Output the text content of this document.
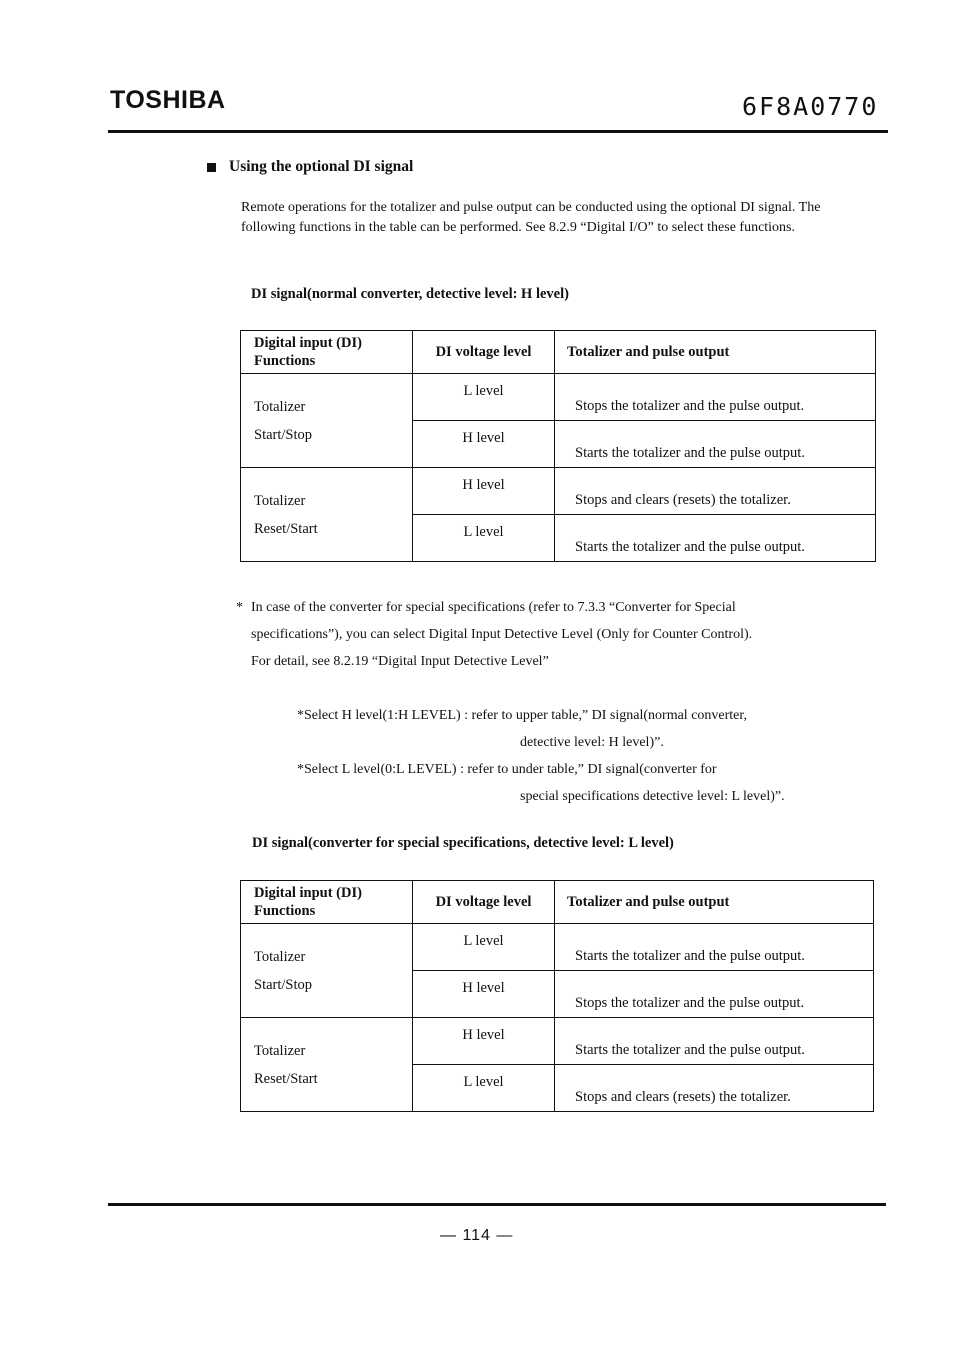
TOSHIBA	6F8A0770
Using the optional DI signal
Remote operations for the totalizer and pulse output can be conducted using the optional DI signal. The following functions in the table can be performed. See 8.2.9 “Digital I/O” to select these functions.
DI signal(normal converter, detective level: H level)
Digital input (DI)
Functions	DI voltage level	Totalizer and pulse output

Totalizer
Start/Stop	L level	Stops the totalizer and the pulse output.
	H level	Starts the totalizer and the pulse output.

Totalizer
Reset/Start	H level	Stops and clears (resets) the totalizer.
	L level	Starts the totalizer and the pulse output.

* In case of the converter for special specifications (refer to 7.3.3 “Converter for Special

specifications”), you can select Digital Input Detective Level (Only for Counter Control).

For detail, see 8.2.19 “Digital Input Detective Level”

*Select H level(1:H LEVEL) : refer to upper table,” DI signal(normal converter,
detective level: H level)”.
*Select L level(0:L LEVEL) : refer to under table,” DI signal(converter for
special specifications detective level: L level)”.
DI signal(converter for special specifications, detective level: L level)
Digital input (DI)
Functions	DI voltage level	Totalizer and pulse output

Totalizer
Start/Stop	L level	Starts the totalizer and the pulse output.
	H level	Stops the totalizer and the pulse output.

Totalizer
Reset/Start	H level	Starts the totalizer and the pulse output.
	L level	Stops and clears (resets) the totalizer.
— 114 —
